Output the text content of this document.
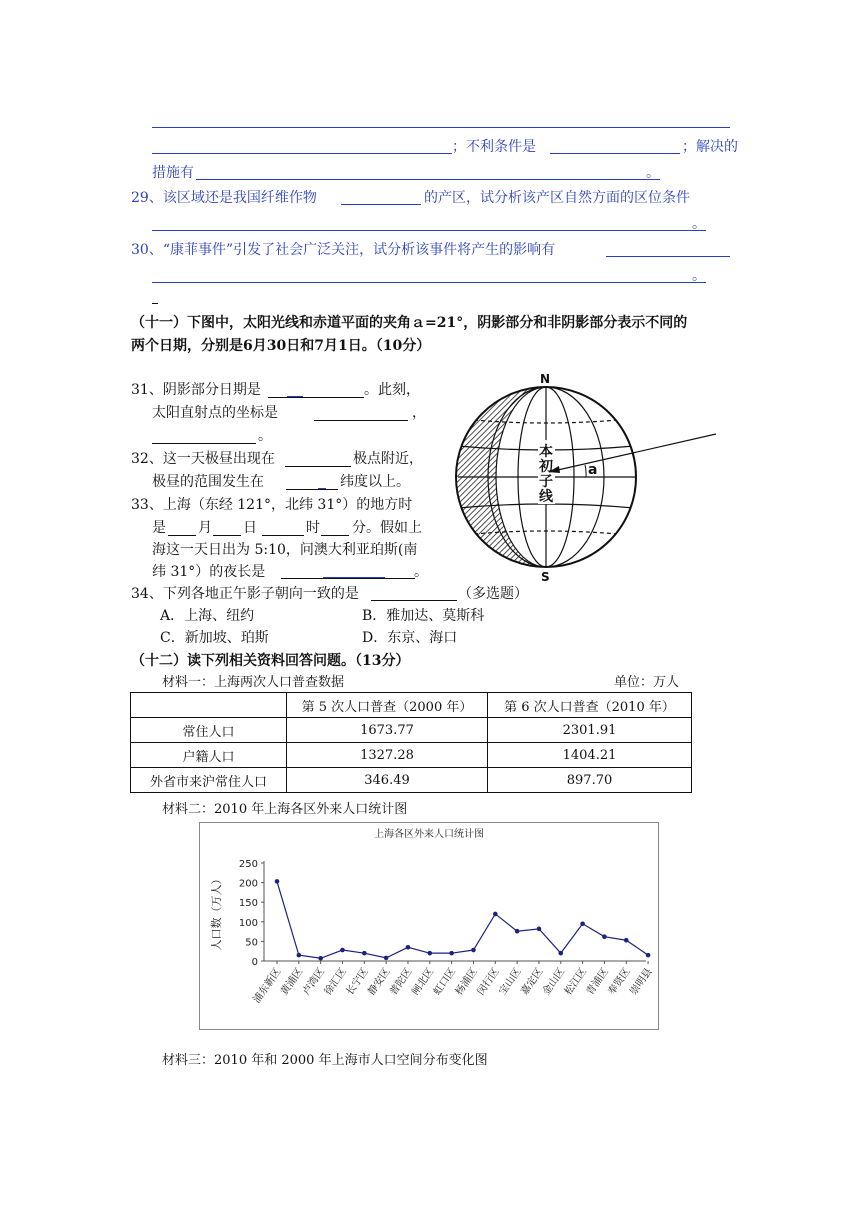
；不利条件是	；解决的
措施有	。
29、该区域还是我国纤维作物	的产区，试分析该产区自然方面的区位条件
。
30、“康菲事件”引发了社会广泛关注，试分析该事件将产生的影响有
。
（十一）下图中，太阳光线和赤道平面的夹角ａ=21°，阴影部分和非阴影部分表示不同的
两个日期，分别是6月30日和7月1日。（10分）
31、阴影部分日期是	。此刻，
太阳直射点的坐标是	，
。
32、这一天极昼出现在	极点附近，
极昼的范围发生在	纬度以上。
33、上海（东经 121°，北纬 31°）的地方时
是 月 日	时 分。假如上
海这一天日出为 5:10，问澳大利亚珀斯(南
纬 31°）的夜长是	。
34、下列各地正午影子朝向一致的是	（多选题）
A．上海、纽约	B．雅加达、莫斯科
C．新加坡、珀斯	D．东京、海口
N
S
a
本
初
子
线
（十二）读下列相关资料回答问题。（13分）
材料一：上海两次人口普查数据	单位：万人
	第 5 次人口普查（2000 年）	第 6 次人口普查（2010 年）
常住人口	1673.77	2301.91
户籍人口	1327.28	1404.21
外省市来沪常住人口	346.49	897.70
材料二：2010 年上海各区外来人口统计图
上海各区外来人口统计图
人口数（万人）
0
50
100
150
200
250
浦东新区
黄浦区
卢湾区
徐汇区
长宁区
静安区
普陀区
闸北区
虹口区
杨浦区
闵行区
宝山区
嘉定区
金山区
松江区
青浦区
奉贤区
崇明县
材料三：2010 年和 2000 年上海市人口空间分布变化图
